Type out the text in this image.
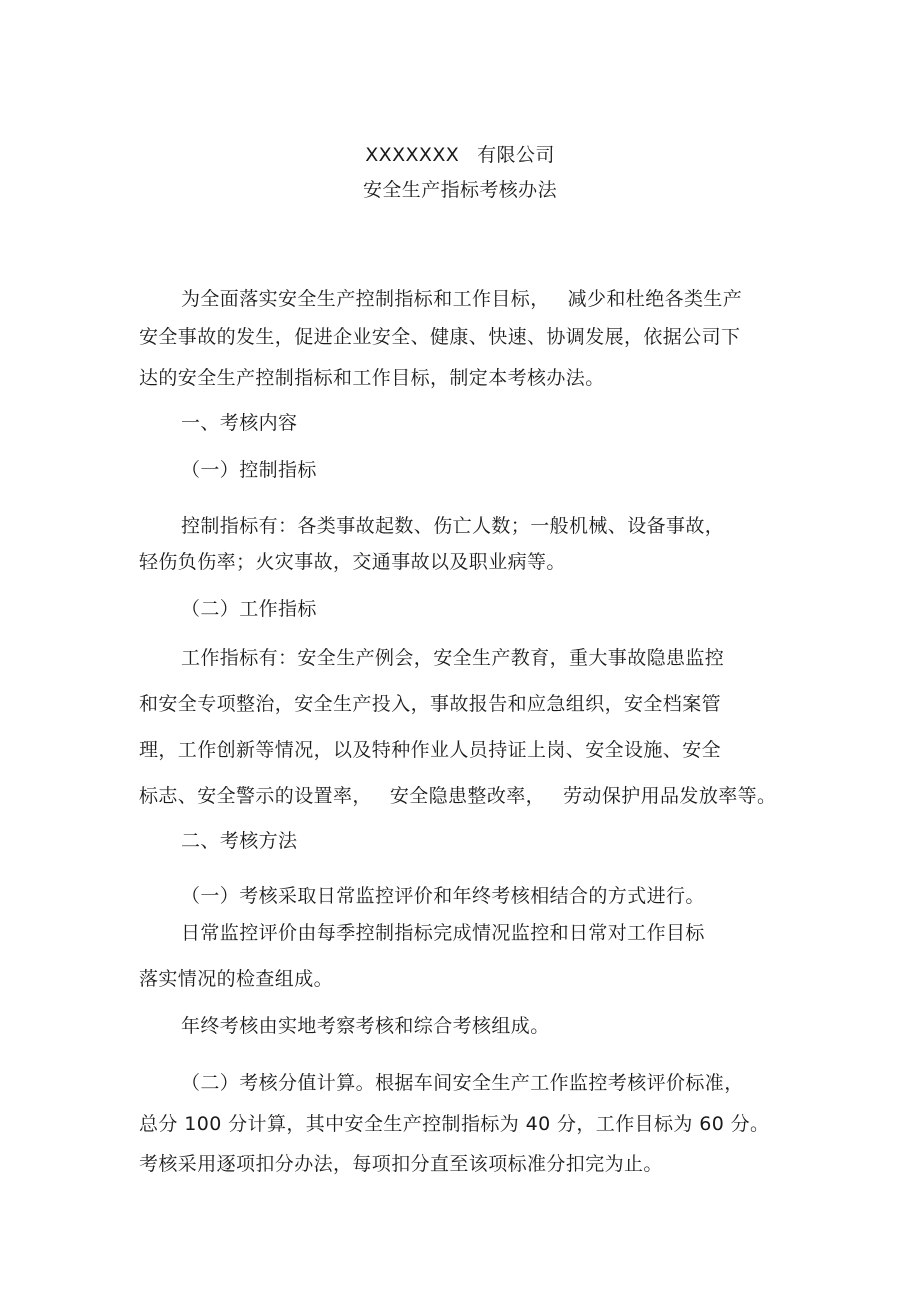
XXXXXXX 有限公司
安全生产指标考核办法
为全面落实安全生产控制指标和工作目标， 减少和杜绝各类生产
安全事故的发生，促进企业安全、健康、快速、协调发展，依据公司下
达的安全生产控制指标和工作目标，制定本考核办法。
一、考核内容
（一）控制指标
控制指标有：各类事故起数、伤亡人数；一般机械、设备事故，
轻伤负伤率；火灾事故，交通事故以及职业病等。
（二）工作指标
工作指标有：安全生产例会，安全生产教育，重大事故隐患监控
和安全专项整治，安全生产投入，事故报告和应急组织，安全档案管
理，工作创新等情况，以及特种作业人员持证上岗、安全设施、安全
标志、安全警示的设置率， 安全隐患整改率， 劳动保护用品发放率等。
二、考核方法
（一）考核采取日常监控评价和年终考核相结合的方式进行。
日常监控评价由每季控制指标完成情况监控和日常对工作目标
落实情况的检查组成。
年终考核由实地考察考核和综合考核组成。
（二）考核分值计算。根据车间安全生产工作监控考核评价标准，
总分 100 分计算，其中安全生产控制指标为 40 分，工作目标为 60 分。
考核采用逐项扣分办法，每项扣分直至该项标准分扣完为止。
